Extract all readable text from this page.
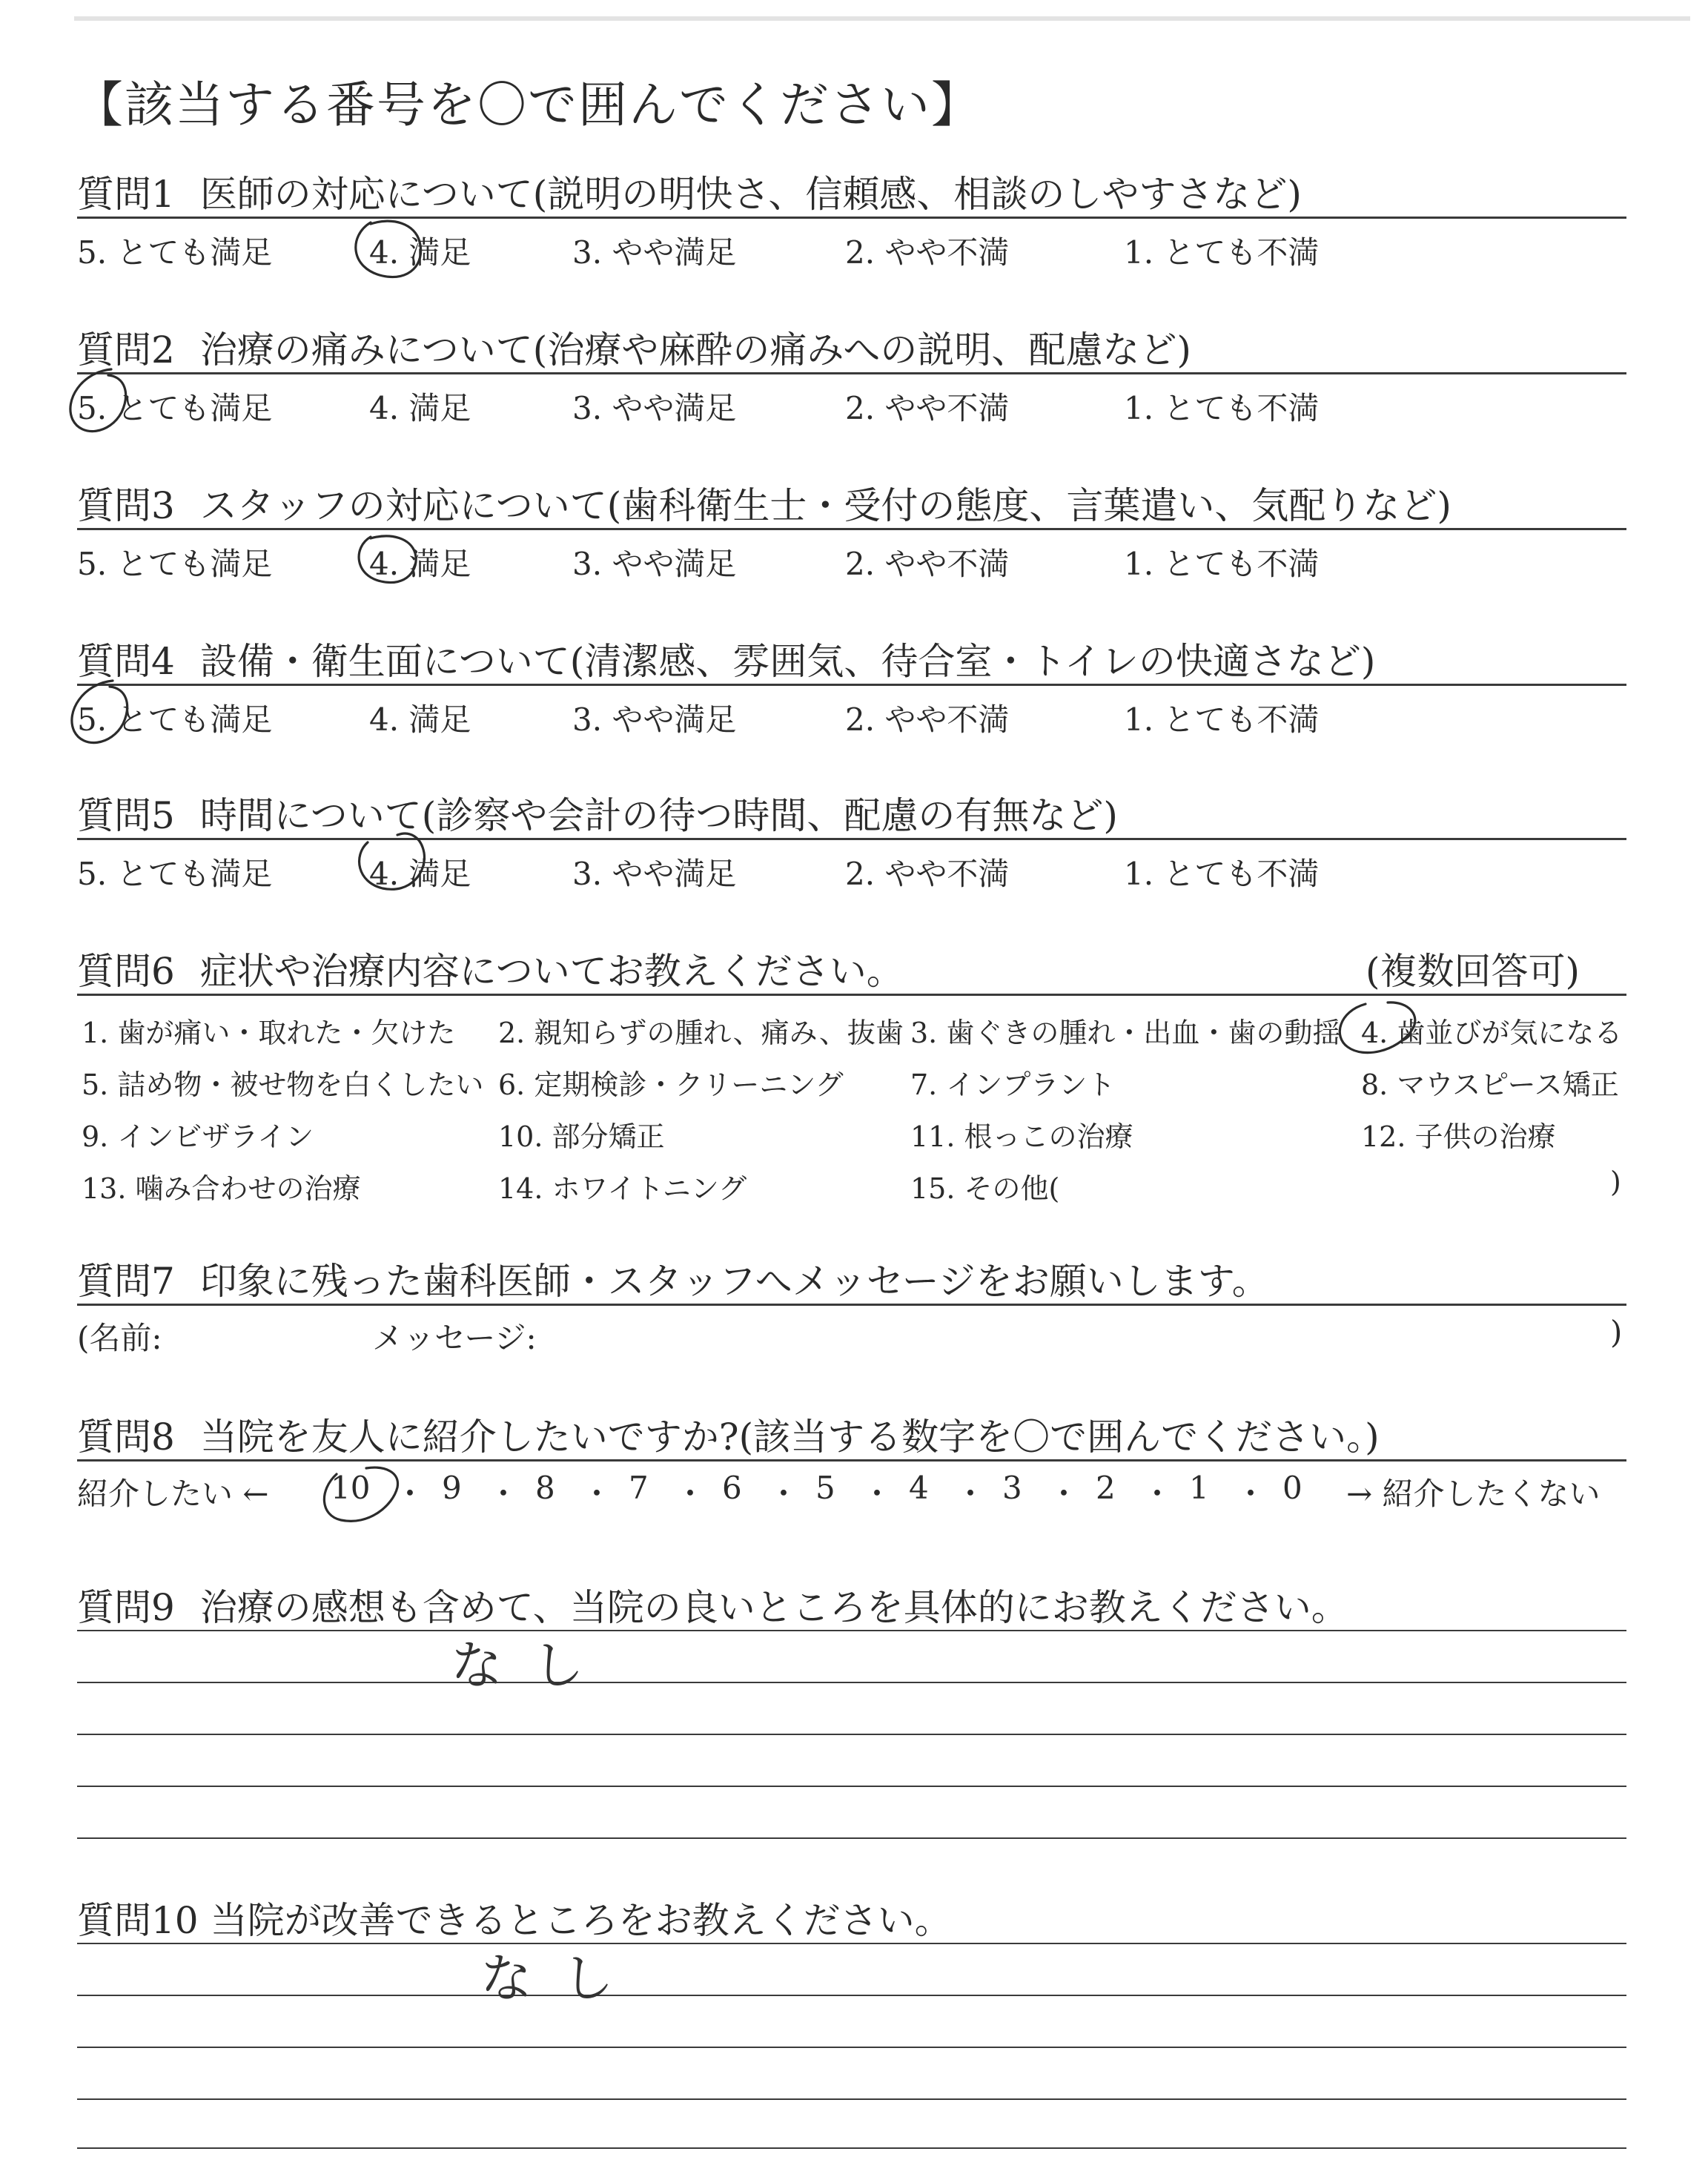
【該当する番号を〇で囲んでください】
質問1 医師の対応について(説明の明快さ、信頼感、相談のしやすさなど)
5. とても満足	4. 満足	3. やや満足	2. やや不満	1. とても不満
質問2 治療の痛みについて(治療や麻酔の痛みへの説明、配慮など)
5. とても満足	4. 満足	3. やや満足	2. やや不満	1. とても不満
質問3 スタッフの対応について(歯科衛生士・受付の態度、言葉遣い、気配りなど)
5. とても満足	4. 満足	3. やや満足	2. やや不満	1. とても不満
質問4 設備・衛生面について(清潔感、雰囲気、待合室・トイレの快適さなど)
5. とても満足	4. 満足	3. やや満足	2. やや不満	1. とても不満
質問5 時間について(診察や会計の待つ時間、配慮の有無など)
5. とても満足	4. 満足	3. やや満足	2. やや不満	1. とても不満
質問6 症状や治療内容についてお教えください。	(複数回答可)
1. 歯が痛い・取れた・欠けた 2. 親知らずの腫れ、痛み、抜歯 3. 歯ぐきの腫れ・出血・歯の動揺 4. 歯並びが気になる
5. 詰め物・被せ物を白くしたい 6. 定期検診・クリーニング 7. インプラント	8. マウスピース矯正
9. インビザライン	10. 部分矯正	11. 根っこの治療	12. 子供の治療
13. 噛み合わせの治療	14. ホワイトニング	15. その他(	)
質問7 印象に残った歯科医師・スタッフへメッセージをお願いします。
(名前:	メッセージ:	)
質問8 当院を友人に紹介したいですか?(該当する数字を〇で囲んでください。)
紹介したい ← 10 ・ 9 ・ 8 ・ 7 ・ 6 ・ 5 ・ 4 ・ 3 ・ 2 ・ 1 ・ 0 → 紹介したくない
質問9 治療の感想も含めて、当院の良いところを具体的にお教えください。
なし
質問10 当院が改善できるところをお教えください。
なし
